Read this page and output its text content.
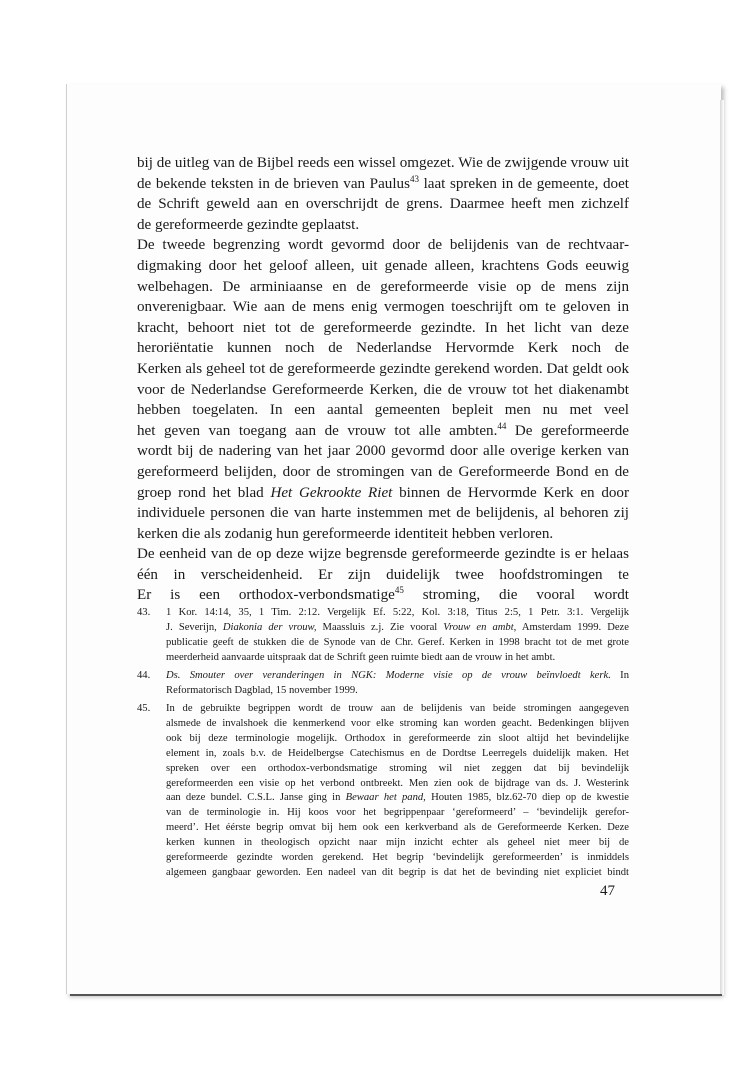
bij de uitleg van de Bijbel reeds een wissel omgezet. Wie de zwijgende vrouw uit
de bekende teksten in de brieven van Paulus$^{43}$ laat spreken in de gemeente, doet
de Schrift geweld aan en overschrijdt de grens. Daarmee heeft men zichzelf
de gereformeerde gezindte geplaatst.
De tweede begrenzing wordt gevormd door de belijdenis van de rechtvaar-
digmaking door het geloof alleen, uit genade alleen, krachtens Gods eeuwig
welbehagen. De arminiaanse en de gereformeerde visie op de mens zijn
onverenigbaar. Wie aan de mens enig vermogen toeschrijft om te geloven in
kracht, behoort niet tot de gereformeerde gezindte. In het licht van deze
heroriëntatie kunnen noch de Nederlandse Hervormde Kerk noch de
Kerken als geheel tot de gereformeerde gezindte gerekend worden. Dat geldt ook
voor de Nederlandse Gereformeerde Kerken, die de vrouw tot het diakenambt
hebben toegelaten. In een aantal gemeenten bepleit men nu met veel
het geven van toegang aan de vrouw tot alle ambten.$^{44}$ De gereformeerde
wordt bij de nadering van het jaar 2000 gevormd door alle overige kerken van
gereformeerd belijden, door de stromingen van de Gereformeerde Bond en de
groep rond het blad Het Gekrookte Riet binnen de Hervormde Kerk en door
individuele personen die van harte instemmen met de belijdenis, al behoren zij
kerken die als zodanig hun gereformeerde identiteit hebben verloren.
De eenheid van de op deze wijze begrensde gereformeerde gezindte is er helaas
één in verscheidenheid. Er zijn duidelijk twee hoofdstromingen te
Er is een orthodox-verbondsmatige$^{45}$ stroming, die vooral wordt
43. 1 Kor. 14:14, 35, 1 Tim. 2:12. Vergelijk Ef. 5:22, Kol. 3:18, Titus 2:5, 1 Petr. 3:1. Vergelijk
J. Severijn, Diakonia der vrouw, Maassluis z.j. Zie vooral Vrouw en ambt, Amsterdam 1999. Deze
publicatie geeft de stukken die de Synode van de Chr. Geref. Kerken in 1998 bracht tot de met grote
meerderheid aanvaarde uitspraak dat de Schrift geen ruimte biedt aan de vrouw in het ambt.
44. Ds. Smouter over veranderingen in NGK: Moderne visie op de vrouw beïnvloedt kerk. In
Reformatorisch Dagblad, 15 november 1999.
45. In de gebruikte begrippen wordt de trouw aan de belijdenis van beide stromingen aangegeven
alsmede de invalshoek die kenmerkend voor elke stroming kan worden geacht. Bedenkingen blijven
ook bij deze terminologie mogelijk. Orthodox in gereformeerde zin sloot altijd het bevindelijke
element in, zoals b.v. de Heidelbergse Catechismus en de Dordtse Leerregels duidelijk maken. Het
spreken over een orthodox-verbondsmatige stroming wil niet zeggen dat bij bevindelijk
gereformeerden een visie op het verbond ontbreekt. Men zien ook de bijdrage van ds. J. Westerink
aan deze bundel. C.S.L. Janse ging in Bewaar het pand, Houten 1985, blz.62-70 diep op de kwestie
van de terminologie in. Hij koos voor het begrippenpaar ‘gereformeerd’ – ‘bevindelijk gerefor-
meerd’. Het éérste begrip omvat bij hem ook een kerkverband als de Gereformeerde Kerken. Deze
kerken kunnen in theologisch opzicht naar mijn inzicht echter als geheel niet meer bij de
gereformeerde gezindte worden gerekend. Het begrip ‘bevindelijk gereformeerden’ is inmiddels
algemeen gangbaar geworden. Een nadeel van dit begrip is dat het de bevinding niet expliciet bindt
47
